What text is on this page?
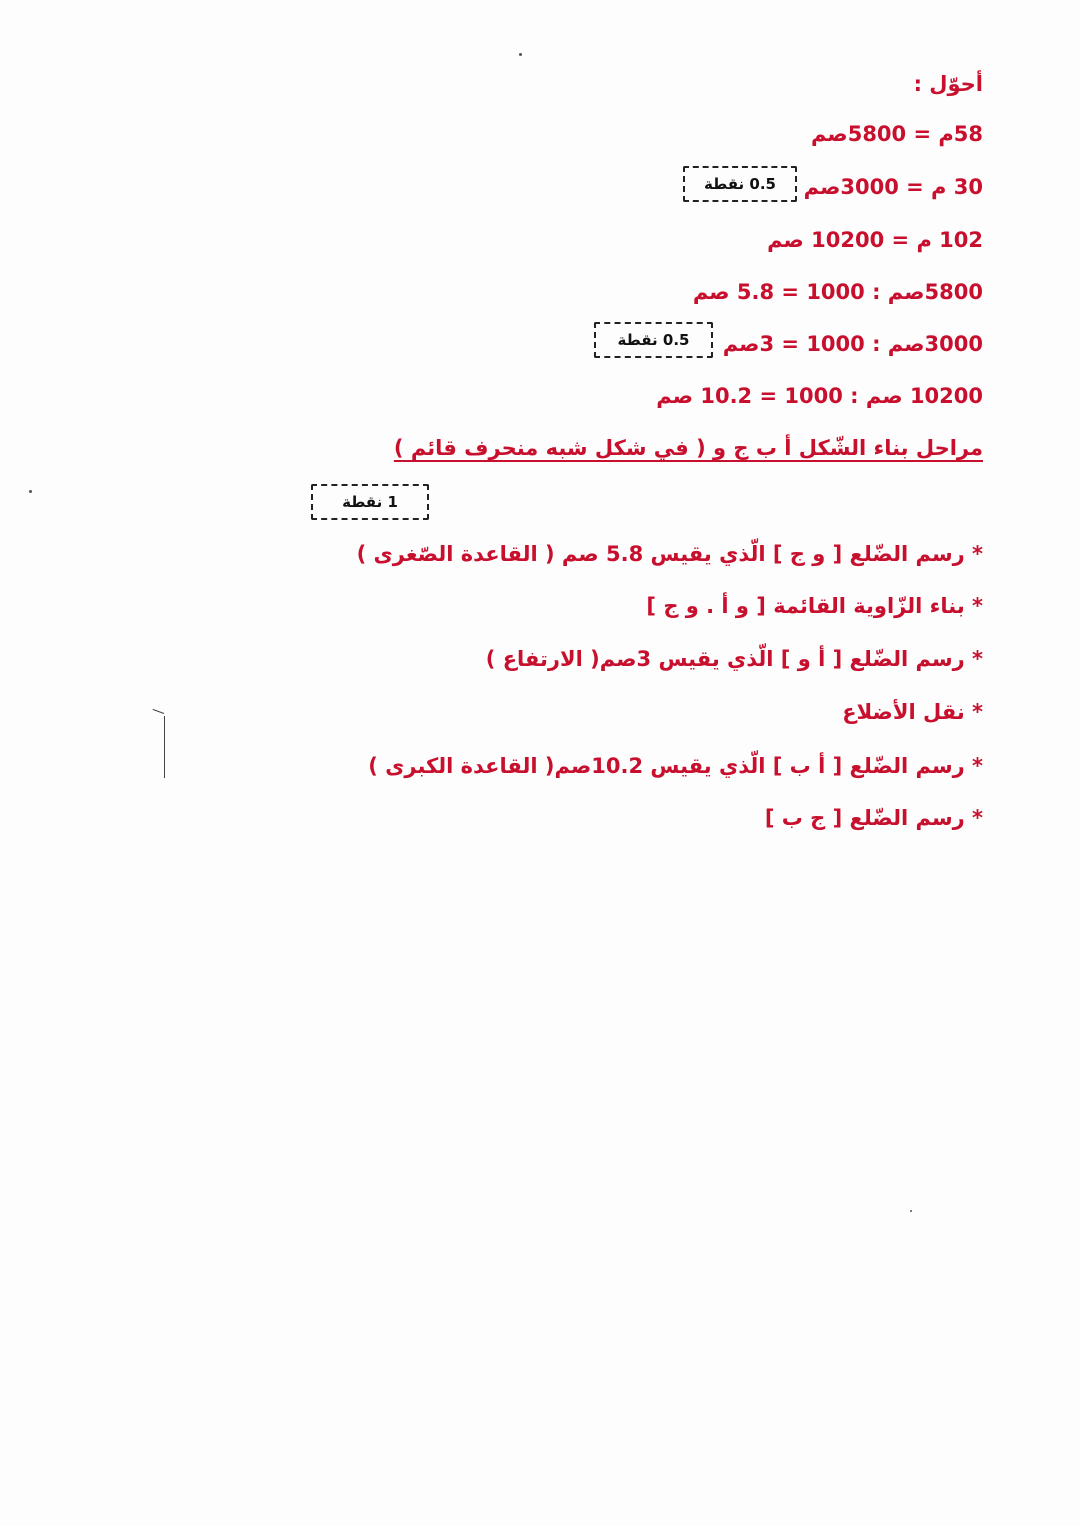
أحوّل :
58م = 5800صم
30 م = 3000صم
102 م = 10200 صم
5800صم : 1000 = 5.8 صم
3000صم : 1000 = 3صم
10200 صم : 1000 = 10.2 صم
0.5 نقطة
0.5 نقطة
1 نقطة
مراحل بناء الشّكل أ ب ج و ( في شكل شبه منحرف قائم )
* رسم الضّلع [ و ج ] الّذي يقيس 5.8 صم ( القاعدة الصّغرى )
* بناء الزّاوية القائمة [ و أ . و ج ]
* رسم الضّلع [ أ و ] الّذي يقيس 3صم( الارتفاع )
* نقل الأضلاع
* رسم الضّلع [ أ ب ] الّذي يقيس 10.2صم( القاعدة الكبرى )
* رسم الضّلع [ ج ب ]
